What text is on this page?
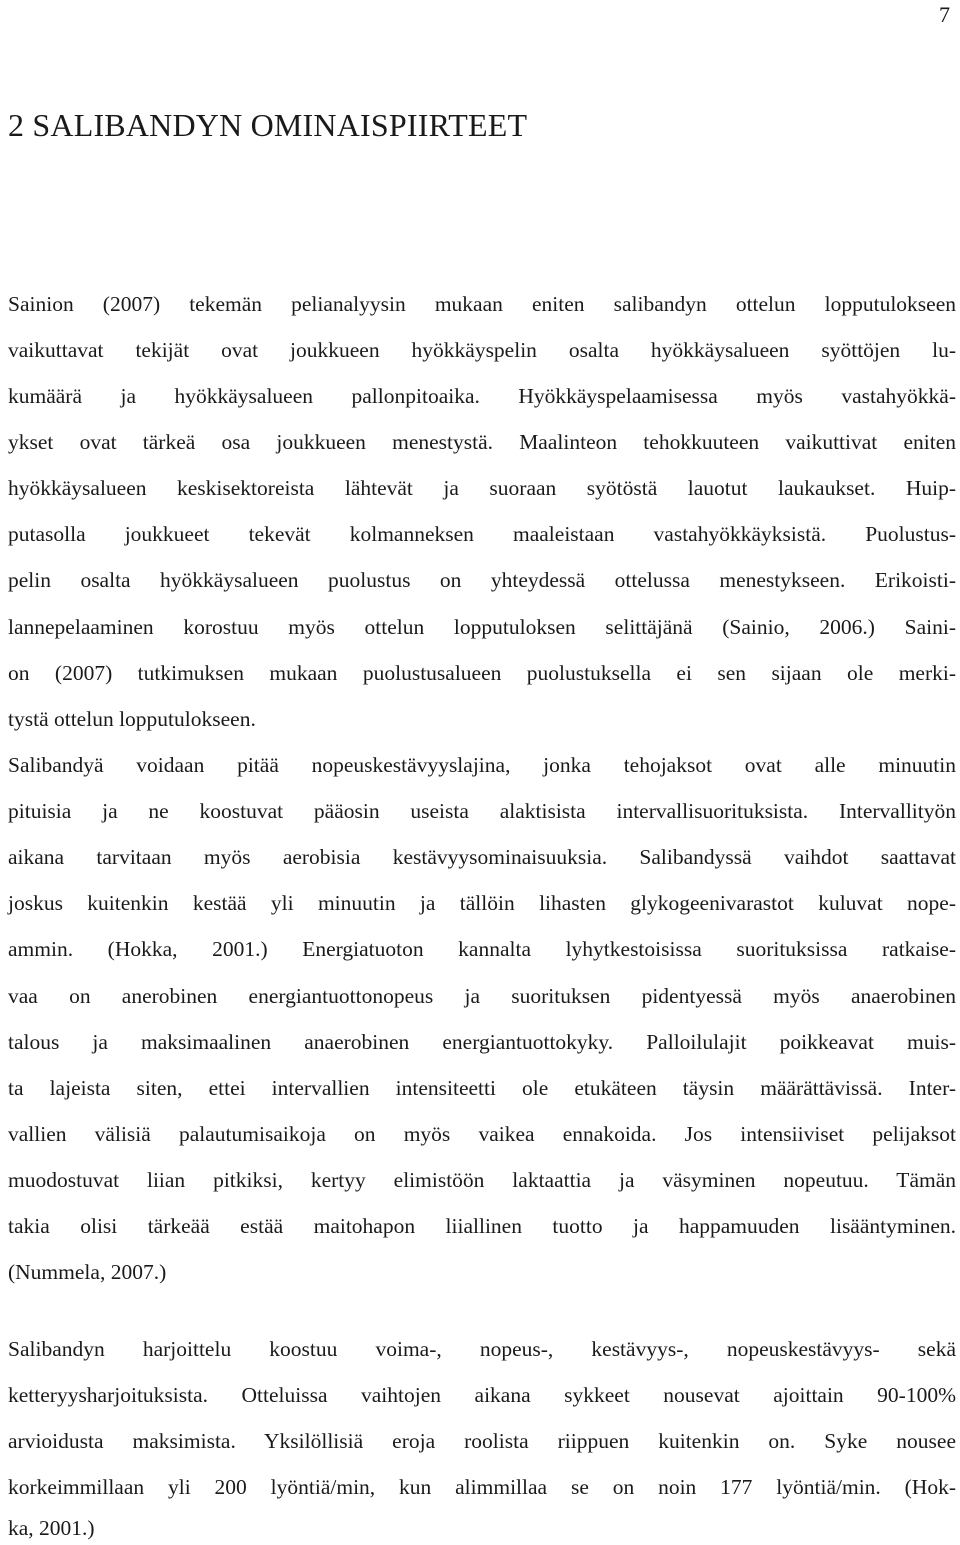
7
2 SALIBANDYN OMINAISPIIRTEET
Sainion (2007) tekemän pelianalyysin mukaan eniten salibandyn ottelun lopputulokseen
vaikuttavat tekijät ovat joukkueen hyökkäyspelin osalta hyökkäysalueen syöttöjen lu-
kumäärä ja hyökkäysalueen pallonpitoaika. Hyökkäyspelaamisessa myös vastahyökkä-
ykset ovat tärkeä osa joukkueen menestystä. Maalinteon tehokkuuteen vaikuttivat eniten
hyökkäysalueen keskisektoreista lähtevät ja suoraan syötöstä lauotut laukaukset. Huip-
putasolla joukkueet tekevät kolmanneksen maaleistaan vastahyökkäyksistä. Puolustus-
pelin osalta hyökkäysalueen puolustus on yhteydessä ottelussa menestykseen. Erikoisti-
lannepelaaminen korostuu myös ottelun lopputuloksen selittäjänä (Sainio, 2006.) Saini-
on (2007) tutkimuksen mukaan puolustusalueen puolustuksella ei sen sijaan ole merki-
tystä ottelun lopputulokseen.
Salibandyä voidaan pitää nopeuskestävyyslajina, jonka tehojaksot ovat alle minuutin
pituisia ja ne koostuvat pääosin useista alaktisista intervallisuorituksista. Intervallityön
aikana tarvitaan myös aerobisia kestävyysominaisuuksia. Salibandyssä vaihdot saattavat
joskus kuitenkin kestää yli minuutin ja tällöin lihasten glykogeenivarastot kuluvat nope-
ammin. (Hokka, 2001.) Energiatuoton kannalta lyhytkestoisissa suorituksissa ratkaise-
vaa on anerobinen energiantuottonopeus ja suorituksen pidentyessä myös anaerobinen
talous ja maksimaalinen anaerobinen energiantuottokyky. Palloilulajit poikkeavat muis-
ta lajeista siten, ettei intervallien intensiteetti ole etukäteen täysin määrättävissä. Inter-
vallien välisiä palautumisaikoja on myös vaikea ennakoida. Jos intensiiviset pelijaksot
muodostuvat liian pitkiksi, kertyy elimistöön laktaattia ja väsyminen nopeutuu. Tämän
takia olisi tärkeää estää maitohapon liiallinen tuotto ja happamuuden lisääntyminen.
(Nummela, 2007.)
Salibandyn harjoittelu koostuu voima-, nopeus-, kestävyys-, nopeuskestävyys- sekä
ketteryysharjoituksista. Otteluissa vaihtojen aikana sykkeet nousevat ajoittain 90-100%
arvioidusta maksimista. Yksilöllisiä eroja roolista riippuen kuitenkin on. Syke nousee
korkeimmillaan yli 200 lyöntiä/min, kun alimmillaa se on noin 177 lyöntiä/min. (Hok-
ka, 2001.)
